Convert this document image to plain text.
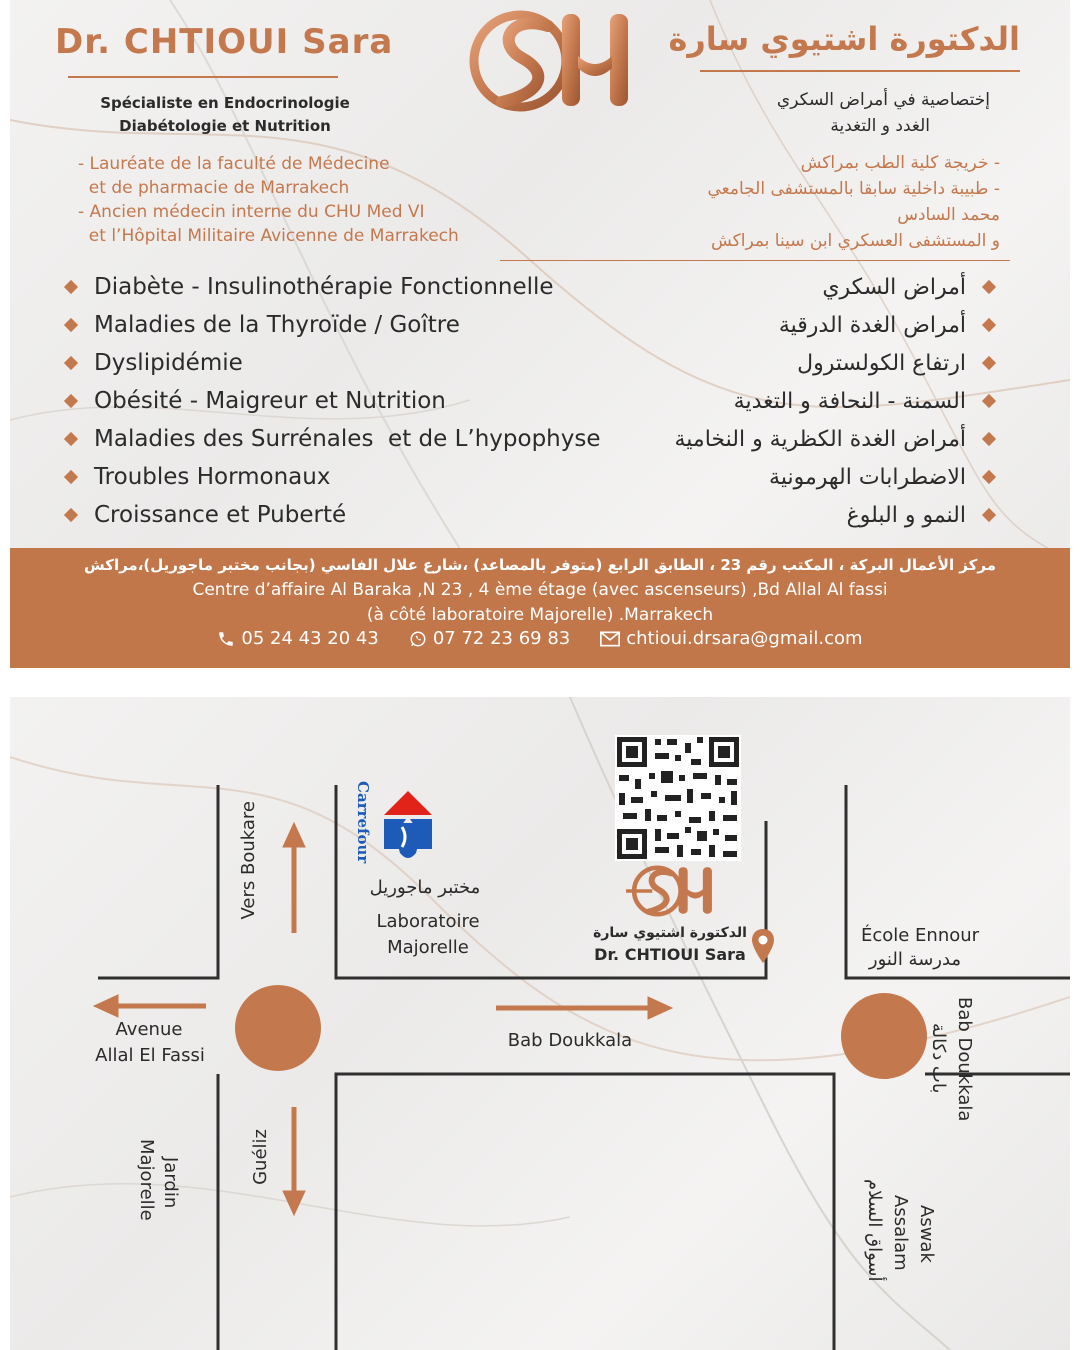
Dr. CHTIOUI Sara	الدكتورة اشتيوي سارة
Spécialiste en Endocrinologie
Diabétologie et Nutrition
إختصاصية في أمراض السكري
الغدد و التغدية
- Lauréate de la faculté de Médecine
et de pharmacie de Marrakech
- Ancien médecin interne du CHU Med VI
et l’Hôpital Militaire Avicenne de Marrakech
- خريجة كلية الطب بمراكش
- طبيبة داخلية سابقا بالمستشفى الجامعي
محمد السادس
و المستشفى العسكري ابن سينا بمراكش
Diabète - Insulinothérapie Fonctionnelle
Maladies de la Thyroïde / Goître
Dyslipidémie
Obésité - Maigreur et Nutrition
Maladies des Surrénales  et de L’hypophyse
Troubles Hormonaux
Croissance et Puberté
أمراض السكري
أمراض الغدة الدرقية
ارتفاع الكولسترول
السمنة - النحافة و التغدية
أمراض الغدة الكظرية و النخامية
الاضطرابات الهرمونية
النمو و البلوغ
مركز الأعمال البركة ، المكتب رقم 23 ، الطابق الرابع (متوفر بالمصاعد) ،شارع علال الفاسي (بجانب مختبر ماجوريل)،مراكش
Centre d’affaire Al Baraka ,N 23 , 4 ème étage (avec ascenseurs) ,Bd Allal Al fassi
(à côté laboratoire Majorelle) .Marrakech
05 24 43 20 43	07 72 23 69 83	chtioui.drsara@gmail.com
Carrefour
Vers Boukare	مختبر ماجوريل
Laboratoire
Majorelle
الدكتورة اشتيوي سارة
Dr. CHTIOUI Sara
École Ennour
مدرسة النور
Avenue
Allal El Fassi
Bab Doukkala	Bab Doukkala
باب دكالة
Jardin
Majorelle	Guéliz
Aswak
Assalam
أسواق السلام
